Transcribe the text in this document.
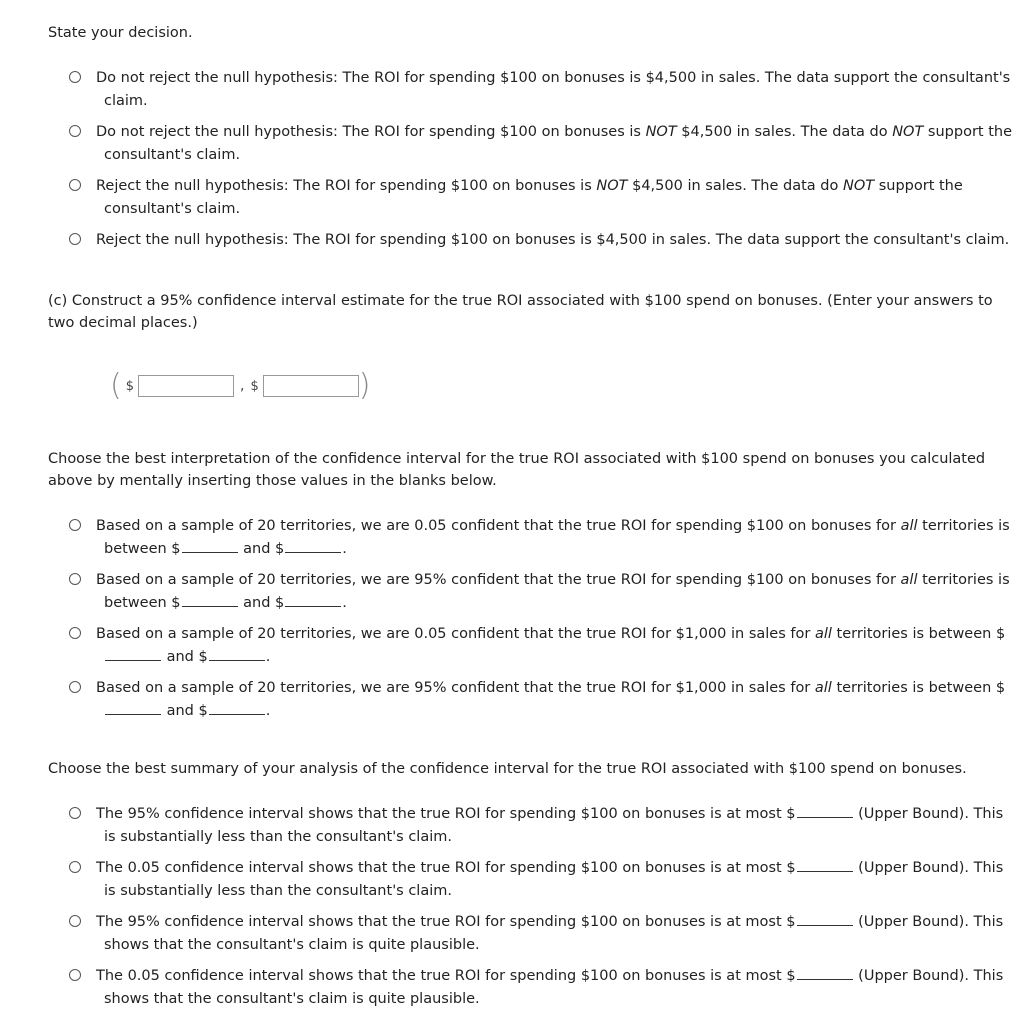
State your decision.

Do not reject the null hypothesis: The ROI for spending $100 on bonuses is $4,500 in sales. The data support the consultant's claim.
Do not reject the null hypothesis: The ROI for spending $100 on bonuses is NOT $4,500 in sales. The data do NOT support the consultant's claim.
Reject the null hypothesis: The ROI for spending $100 on bonuses is NOT $4,500 in sales. The data do NOT support the consultant's claim.
Reject the null hypothesis: The ROI for spending $100 on bonuses is $4,500 in sales. The data support the consultant's claim.

(c) Construct a 95% confidence interval estimate for the true ROI associated with $100 spend on bonuses. (Enter your answers to two decimal places.)

( $	, $	)

Choose the best interpretation of the confidence interval for the true ROI associated with $100 spend on bonuses you calculated above by mentally inserting those values in the blanks below.

Based on a sample of 20 territories, we are 0.05 confident that the true ROI for spending $100 on bonuses for all territories is between $	and $	.
Based on a sample of 20 territories, we are 95% confident that the true ROI for spending $100 on bonuses for all territories is between $	and $	.
Based on a sample of 20 territories, we are 0.05 confident that the true ROI for $1,000 in sales for all territories is between $ and $	.
Based on a sample of 20 territories, we are 95% confident that the true ROI for $1,000 in sales for all territories is between $ and $	.

Choose the best summary of your analysis of the confidence interval for the true ROI associated with $100 spend on bonuses.

The 95% confidence interval shows that the true ROI for spending $100 on bonuses is at most $	(Upper Bound). This is substantially less than the consultant's claim.
The 0.05 confidence interval shows that the true ROI for spending $100 on bonuses is at most $	(Upper Bound). This is substantially less than the consultant's claim.
The 95% confidence interval shows that the true ROI for spending $100 on bonuses is at most $	(Upper Bound). This shows that the consultant's claim is quite plausible.
The 0.05 confidence interval shows that the true ROI for spending $100 on bonuses is at most $	(Upper Bound). This shows that the consultant's claim is quite plausible.
